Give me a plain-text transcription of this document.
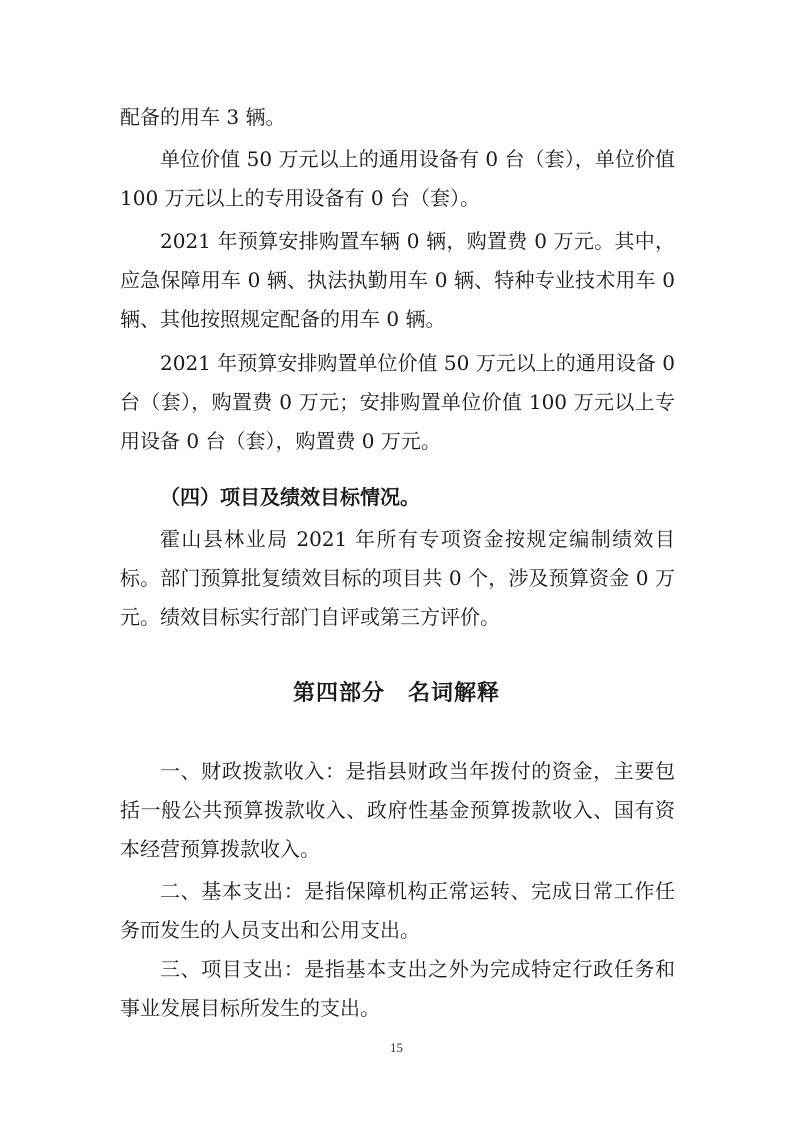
配备的用车 3 辆。

单位价值 50 万元以上的通用设备有 0 台（套），单位价值 100 万元以上的专用设备有 0 台（套）。

2021 年预算安排购置车辆 0 辆，购置费 0 万元。其中，应急保障用车 0 辆、执法执勤用车 0 辆、特种专业技术用车 0 辆、其他按照规定配备的用车 0 辆。

2021 年预算安排购置单位价值 50 万元以上的通用设备 0 台（套），购置费 0 万元；安排购置单位价值 100 万元以上专用设备 0 台（套），购置费 0 万元。

（四）项目及绩效目标情况。

霍山县林业局 2021 年所有专项资金按规定编制绩效目标。部门预算批复绩效目标的项目共 0 个，涉及预算资金 0 万元。绩效目标实行部门自评或第三方评价。

第四部分　名词解释

一、财政拨款收入：是指县财政当年拨付的资金，主要包括一般公共预算拨款收入、政府性基金预算拨款收入、国有资本经营预算拨款收入。

二、基本支出：是指保障机构正常运转、完成日常工作任务而发生的人员支出和公用支出。

三、项目支出：是指基本支出之外为完成特定行政任务和事业发展目标所发生的支出。

15
